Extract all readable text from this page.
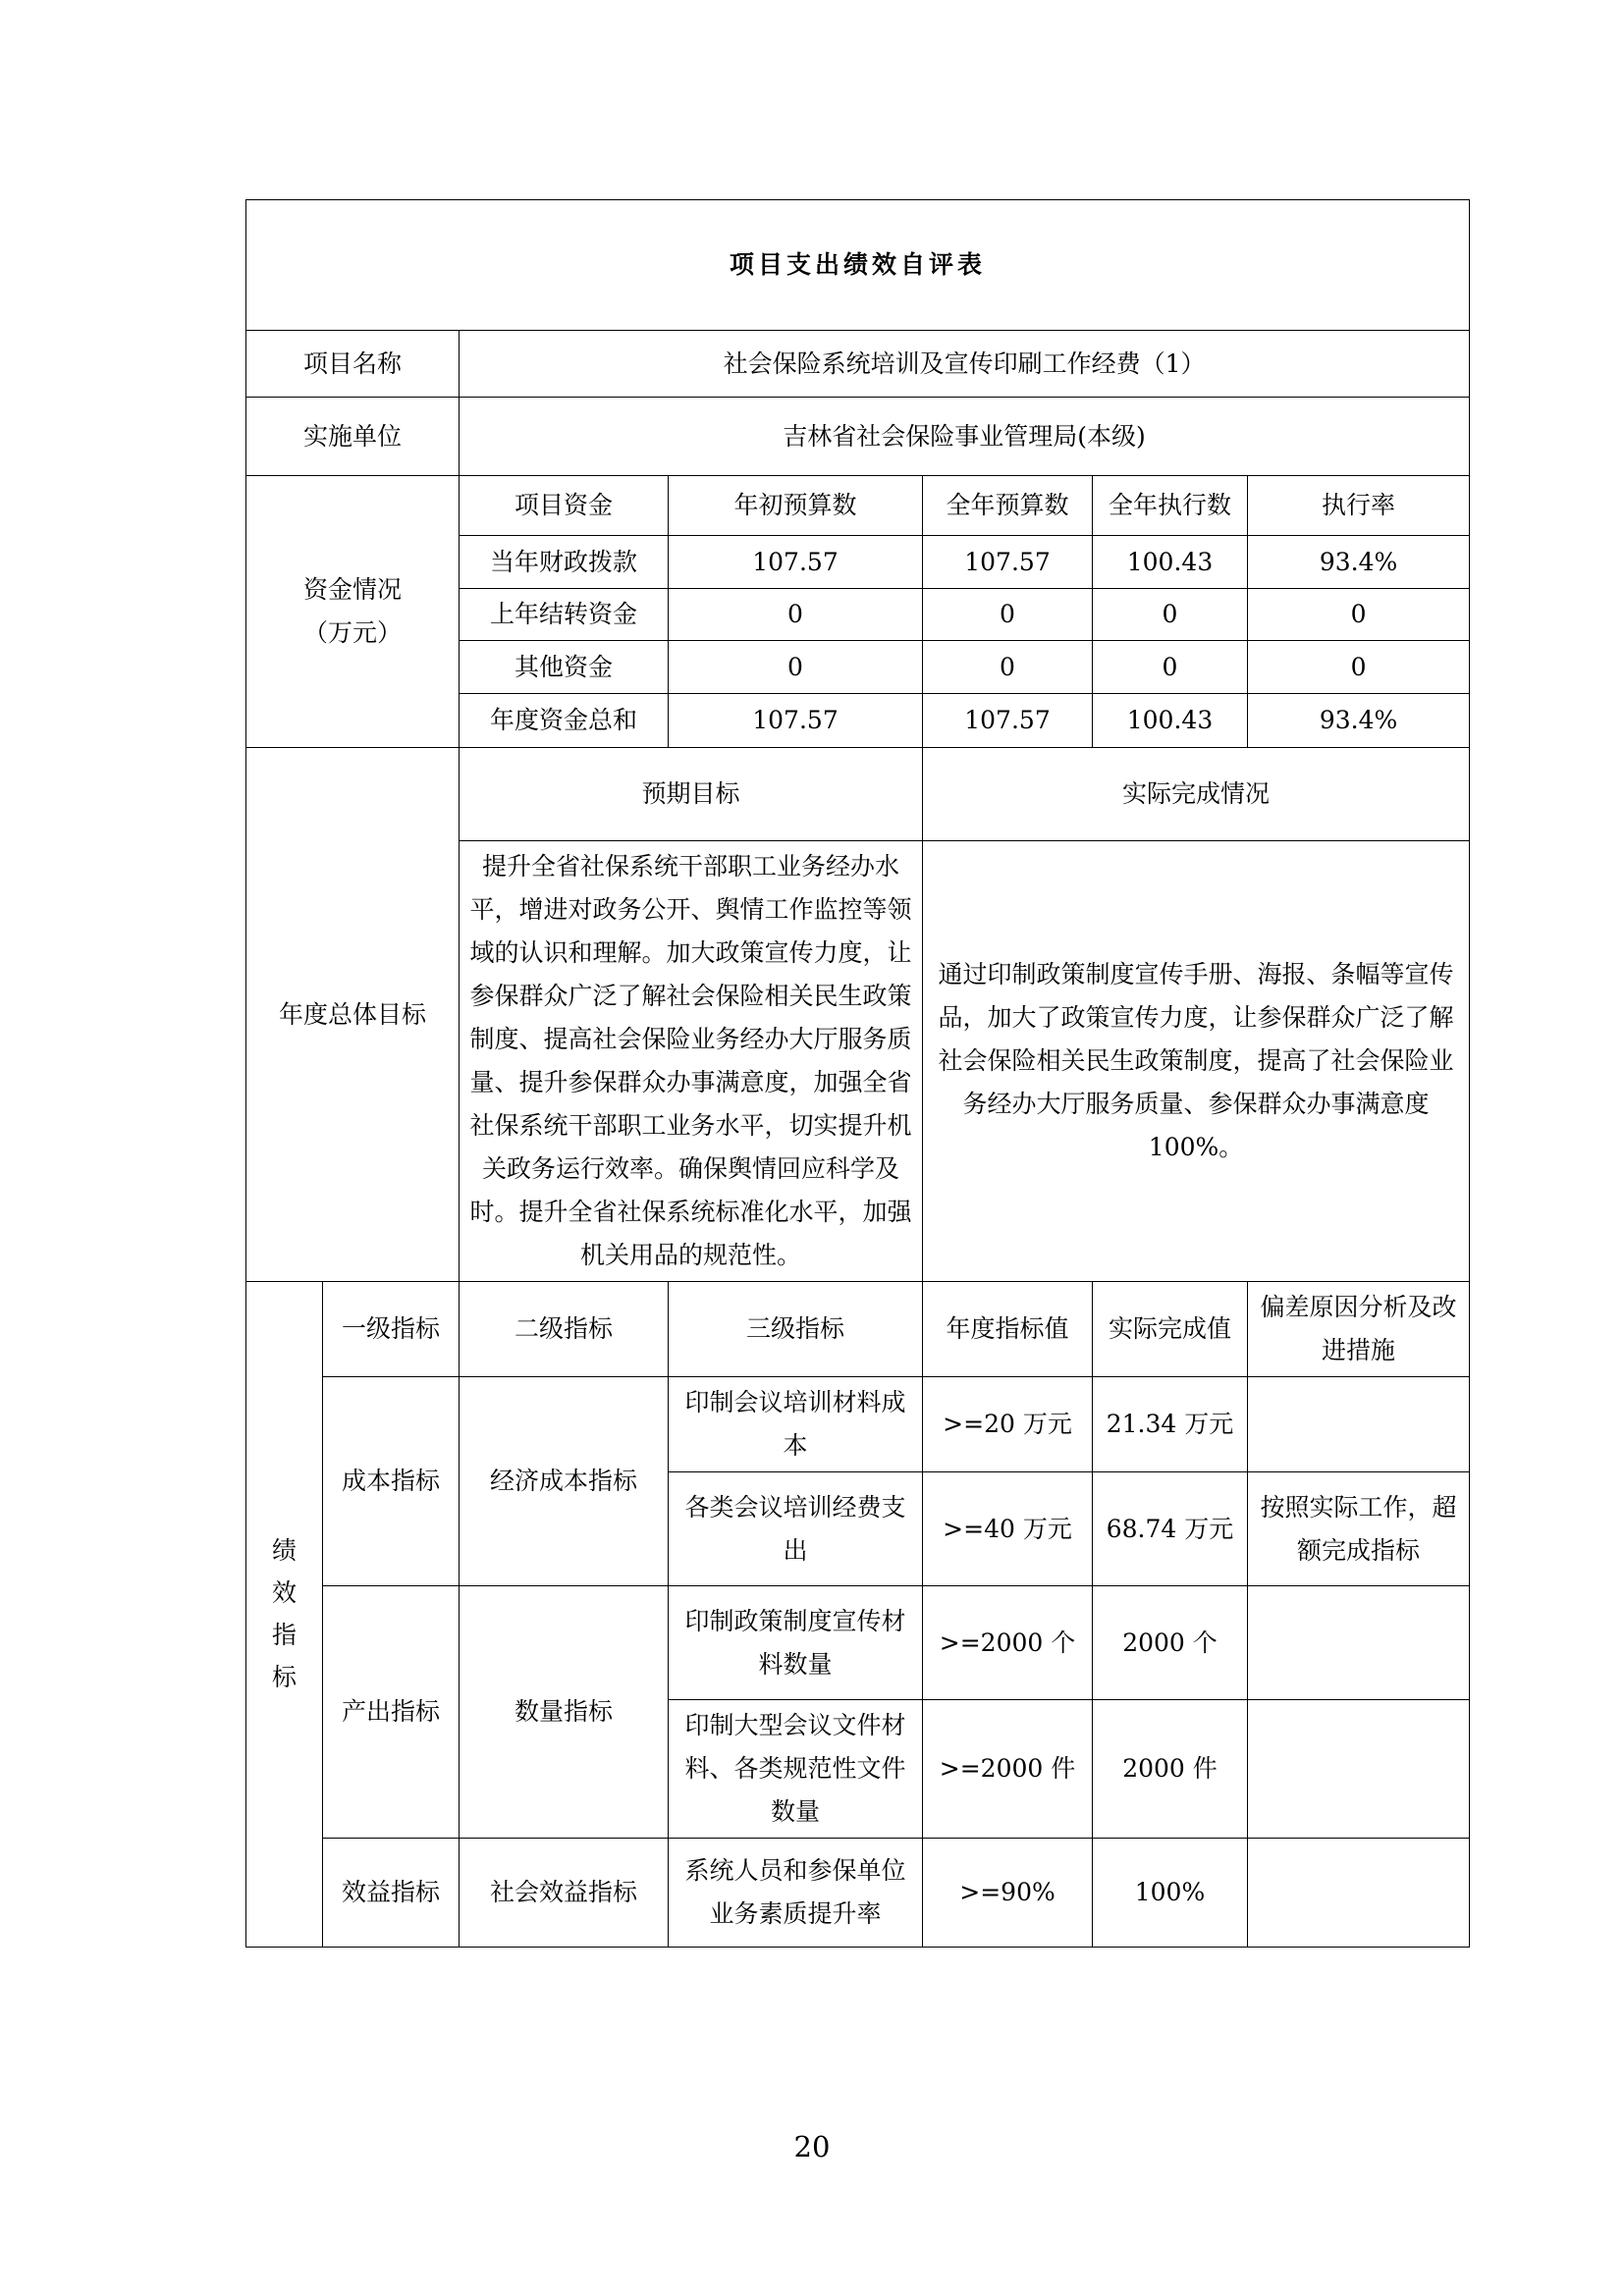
项目支出绩效自评表						
项目名称		社会保险系统培训及宣传印刷工作经费（1）				
实施单位		吉林省社会保险事业管理局(本级)				

资金情况
（万元）		项目资金	年初预算数	全年预算数	全年执行数	执行率
		当年财政拨款	107.57	107.57	100.43	93.4%
		上年结转资金	0	0	0	0
		其他资金	0	0	0	0
		年度资金总和	107.57	107.57	100.43	93.4%
年度总体目标		预期目标		实际完成情况		
		提升全省社保系统干部职工业务经办水平，增进对政务公开、舆情工作监控等领域的认识和理解。加大政策宣传力度，让参保群众广泛了解社会保险相关民生政策制度、提高社会保险业务经办大厅服务质量、提升参保群众办事满意度，加强全省社保系统干部职工业务水平，切实提升机关政务运行效率。确保舆情回应科学及时。提升全省社保系统标准化水平，加强机关用品的规范性。		通过印制政策制度宣传手册、海报、条幅等宣传品，加大了政策宣传力度，让参保群众广泛了解社会保险相关民生政策制度，提高了社会保险业务经办大厅服务质量、参保群众办事满意度100%。		
绩效指标	一级指标	二级指标	三级指标	年度指标值	实际完成值	偏差原因分析及改进措施
	成本指标	经济成本指标	印制会议培训材料成本	>=20 万元	21.34 万元	
			各类会议培训经费支出	>=40 万元	68.74 万元	按照实际工作，超额完成指标
	产出指标	数量指标	印制政策制度宣传材料数量	>=2000 个	2000 个	
			印制大型会议文件材料、各类规范性文件数量	>=2000 件	2000 件	
	效益指标	社会效益指标	系统人员和参保单位业务素质提升率	>=90%	100%	
20
